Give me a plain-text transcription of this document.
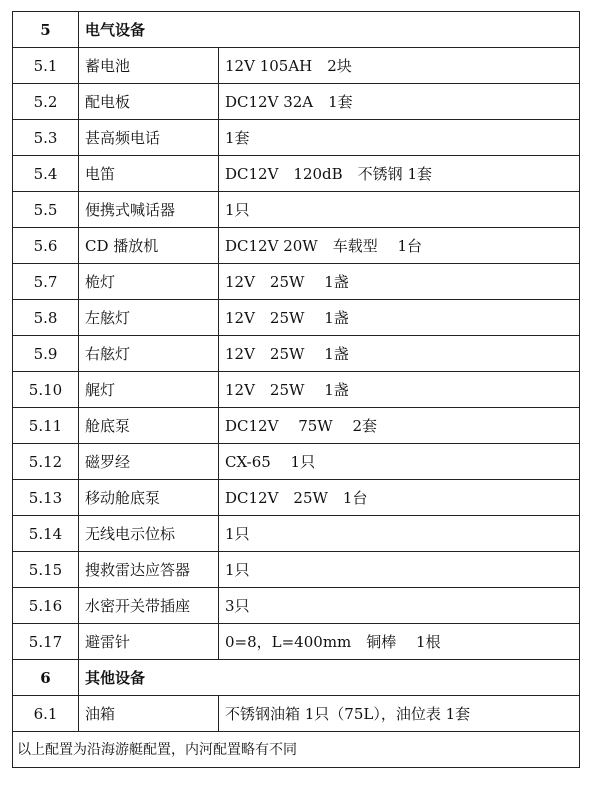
5	电气设备	
5.1	蓄电池	12V 105AH　2块
5.2	配电板	DC12V 32A　1套
5.3	甚高频电话	1套
5.4	电笛	DC12V　120dB　不锈钢 1套
5.5	便携式喊话器	1只
5.6	CD 播放机	DC12V 20W　车载型　 1台
5.7	桅灯	12V　25W　 1盏
5.8	左舷灯	12V　25W　 1盏
5.9	右舷灯	12V　25W　 1盏
5.10	艉灯	12V　25W　 1盏
5.11	舱底泵	DC12V　 75W　 2套
5.12	磁罗经	CX-65　 1只
5.13	移动舱底泵	DC12V　25W　1台
5.14	无线电示位标	1只
5.15	搜救雷达应答器	1只
5.16	水密开关带插座	3只
5.17	避雷针	0=8，L=400mm　铜棒　 1根
6	其他设备	
6.1	油箱	不锈钢油箱 1只（75L），油位表 1套
以上配置为沿海游艇配置，内河配置略有不同		
